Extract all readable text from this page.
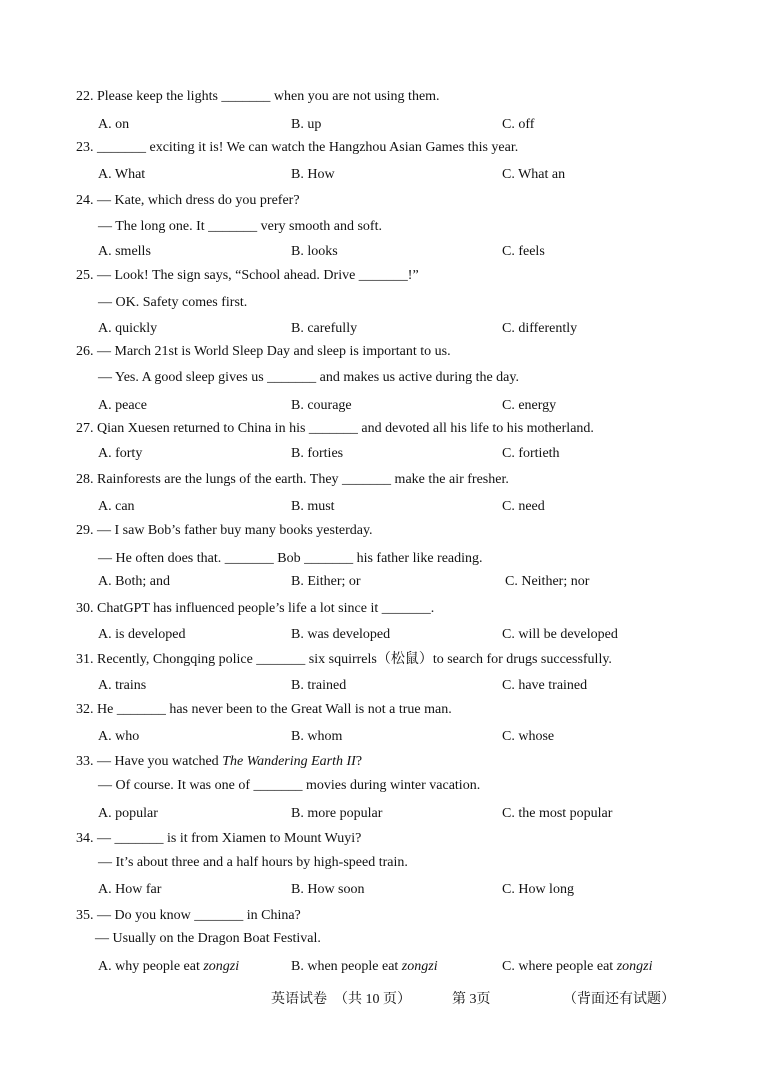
22. Please keep the lights _______ when you are not using them.
A. on	B. up	C. off
23. _______ exciting it is! We can watch the Hangzhou Asian Games this year.
A. What	B. How	C. What an
24. — Kate, which dress do you prefer?
— The long one. It _______ very smooth and soft.
A. smells	B. looks	C. feels
25. — Look! The sign says, “School ahead. Drive _______!”
— OK. Safety comes first.
A. quickly	B. carefully	C. differently
26. — March 21st is World Sleep Day and sleep is important to us.
— Yes. A good sleep gives us _______ and makes us active during the day.
A. peace	B. courage	C. energy
27. Qian Xuesen returned to China in his _______ and devoted all his life to his motherland.
A. forty	B. forties	C. fortieth
28. Rainforests are the lungs of the earth. They _______ make the air fresher.
A. can	B. must	C. need
29. — I saw Bob’s father buy many books yesterday.
— He often does that. _______ Bob _______ his father like reading.
A. Both; and	B. Either; or	C. Neither; nor
30. ChatGPT has influenced people’s life a lot since it _______.
A. is developed	B. was developed	C. will be developed
31. Recently, Chongqing police _______ six squirrels（松鼠）to search for drugs successfully.
A. trains	B. trained	C. have trained
32. He _______ has never been to the Great Wall is not a true man.
A. who	B. whom	C. whose
33. — Have you watched The Wandering Earth II?
— Of course. It was one of _______ movies during winter vacation.
A. popular	B. more popular	C. the most popular
34. — _______ is it from Xiamen to Mount Wuyi?
— It’s about three and a half hours by high-speed train.
A. How far	B. How soon	C. How long
35. — Do you know _______ in China?
— Usually on the Dragon Boat Festival.
A. why people eat zongzi	B. when people eat zongzi	C. where people eat zongzi
英语试卷　（共 10 页）	第 3页	（背面还有试题）
